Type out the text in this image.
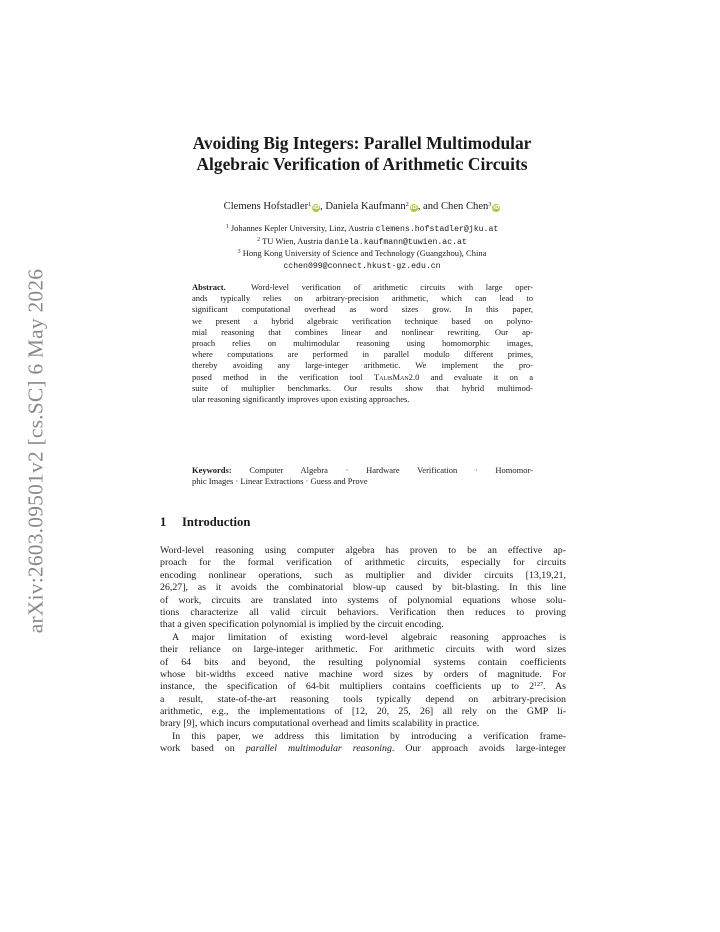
arXiv:2603.09501v2 [cs.SC] 6 May 2026
Avoiding Big Integers: Parallel Multimodular
Algebraic Verification of Arithmetic Circuits
Clemens Hofstadler$^1$ iD, Daniela Kaufmann$^2$ iD, and Chen Chen$^3$ iD
$^1$ Johannes Kepler University, Linz, Austria clemens.hofstadler@jku.at
$^2$ TU Wien, Austria daniela.kaufmann@tuwien.ac.at
$^3$ Hong Kong University of Science and Technology (Guangzhou), China
cchen099@connect.hkust-gz.edu.cn
Abstract.	Word-level verification of arithmetic circuits with large oper-
ands typically relies on arbitrary-precision arithmetic, which can lead to
significant computational overhead as word sizes grow. In this paper,
we present a hybrid algebraic verification technique based on polyno-
mial reasoning that combines linear and nonlinear rewriting. Our ap-
proach relies on multimodular reasoning using homomorphic images,
where computations are performed in parallel modulo different primes,
thereby avoiding any large-integer arithmetic. We implement the pro-
posed method in the verification tool TalisMan2.0 and evaluate it on a
suite of multiplier benchmarks. Our results show that hybrid multimod-
ular reasoning significantly improves upon existing approaches.
Keywords: Computer Algebra · Hardware Verification · Homomor-
phic Images · Linear Extractions · Guess and Prove
1 Introduction
Word-level reasoning using computer algebra has proven to be an effective ap-
proach for the formal verification of arithmetic circuits, especially for circuits
encoding nonlinear operations, such as multiplier and divider circuits [13,19,21,
26,27], as it avoids the combinatorial blow-up caused by bit-blasting. In this line
of work, circuits are translated into systems of polynomial equations whose solu-
tions characterize all valid circuit behaviors. Verification then reduces to proving
that a given specification polynomial is implied by the circuit encoding.
A major limitation of existing word-level algebraic reasoning approaches is
their reliance on large-integer arithmetic. For arithmetic circuits with word sizes
of 64 bits and beyond, the resulting polynomial systems contain coefficients
whose bit-widths exceed native machine word sizes by orders of magnitude. For
instance, the specification of 64-bit multipliers contains coefficients up to $2^{127}$. As
a result, state-of-the-art reasoning tools typically depend on arbitrary-precision
arithmetic, e.g., the implementations of [12, 20, 25, 26] all rely on the GMP li-
brary [9], which incurs computational overhead and limits scalability in practice.
In this paper, we address this limitation by introducing a verification frame-
work based on parallel multimodular reasoning. Our approach avoids large-integer
